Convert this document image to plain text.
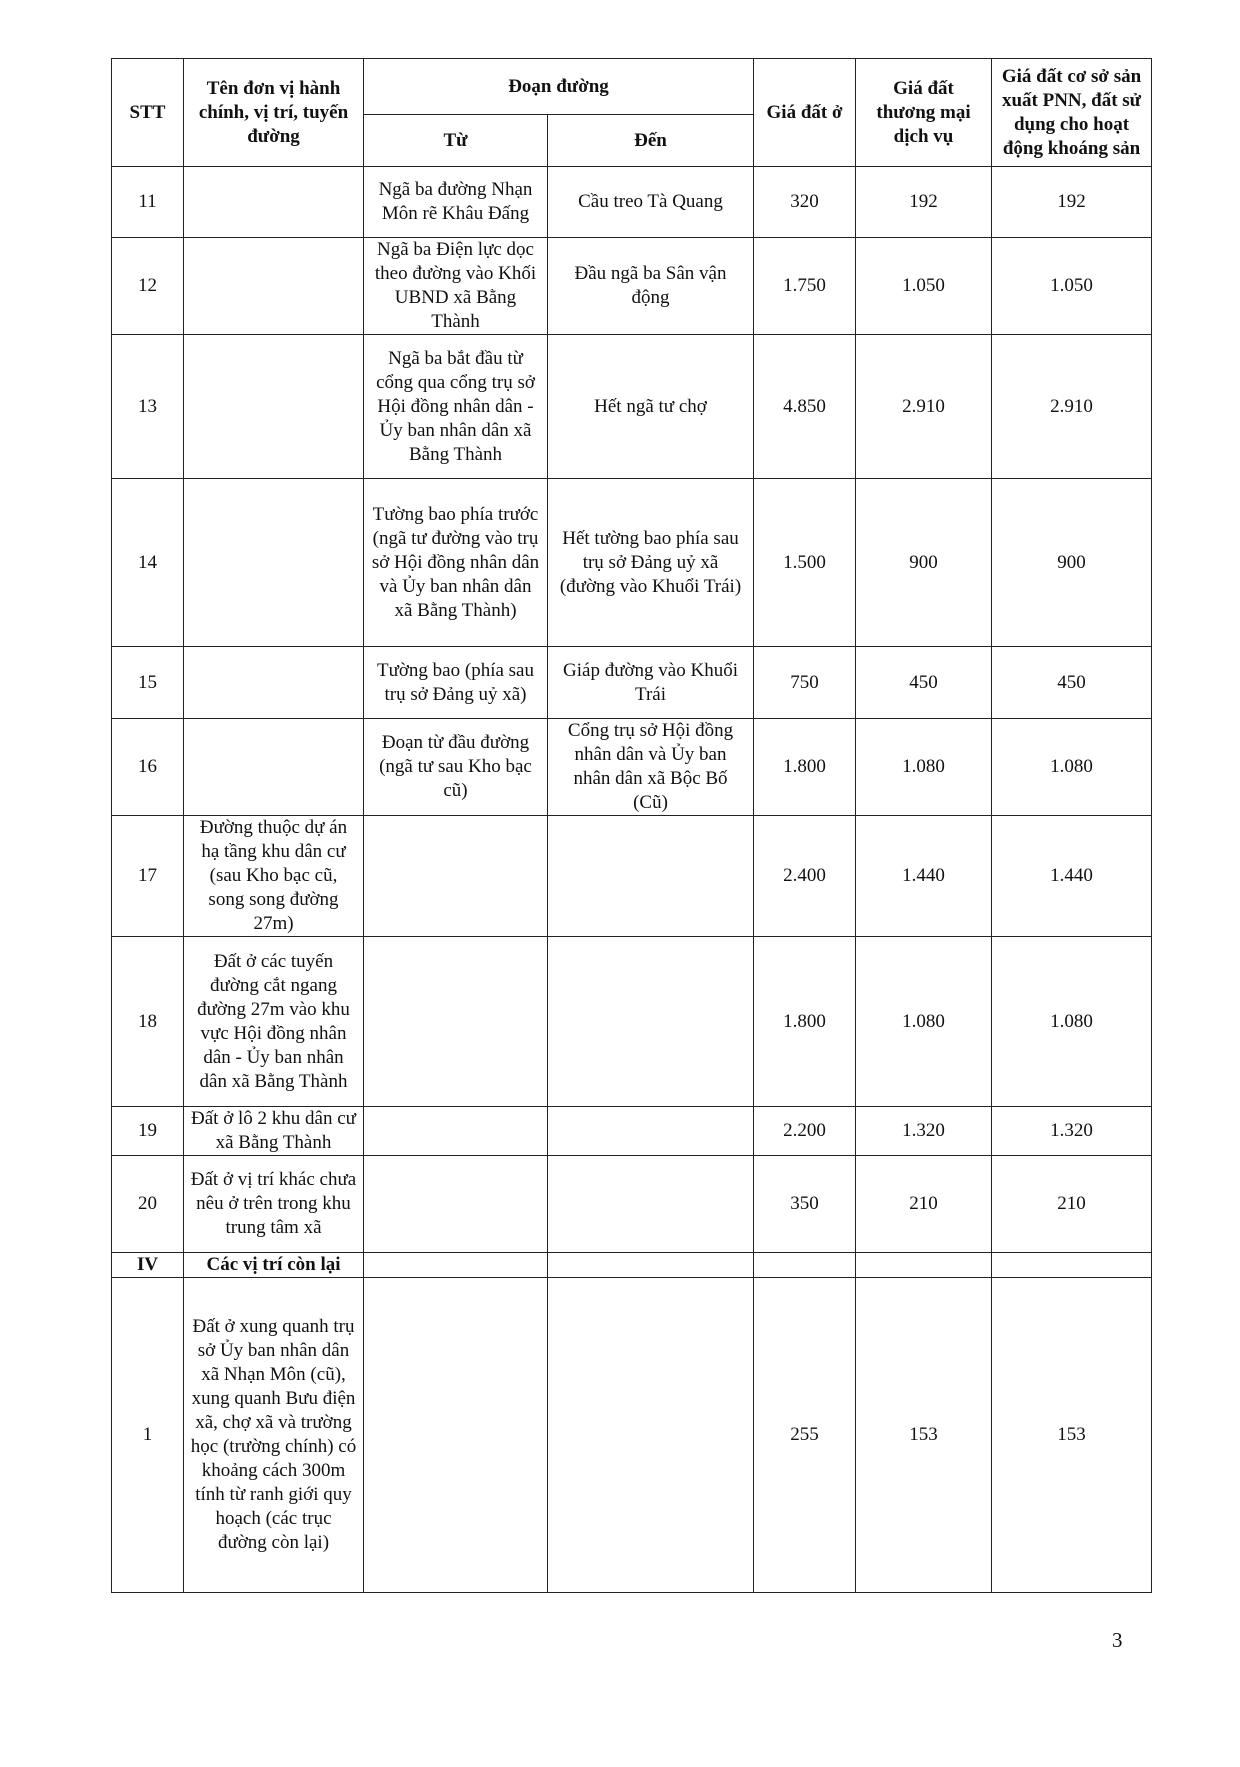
STT	Tên đơn vị hành chính, vị trí, tuyến đường	Đoạn đường		Giá đất ở	Giá đất thương mại dịch vụ	Giá đất cơ sở sản xuất PNN, đất sử dụng cho hoạt động khoáng sản
		Từ	Đến			
11		Ngã ba đường Nhạn Môn rẽ Khâu Đấng	Cầu treo Tà Quang	320	192	192
12		Ngã ba Điện lực dọc theo đường vào Khối UBND xã Bằng Thành	Đầu ngã ba Sân vận động	1.750	1.050	1.050
13		Ngã ba bắt đầu từ cổng qua cổng trụ sở Hội đồng nhân dân - Ủy ban nhân dân xã Bằng Thành	Hết ngã tư chợ	4.850	2.910	2.910
14		Tường bao phía trước (ngã tư đường vào trụ sở Hội đồng nhân dân và Ủy ban nhân dân xã Bằng Thành)	Hết tường bao phía sau trụ sở Đảng uỷ xã (đường vào Khuổi Trái)	1.500	900	900
15		Tường bao (phía sau trụ sở Đảng uỷ xã)	Giáp đường vào Khuổi Trái	750	450	450
16		Đoạn từ đầu đường (ngã tư sau Kho bạc cũ)	Cổng trụ sở Hội đồng nhân dân và Ủy ban nhân dân xã Bộc Bố (Cũ)	1.800	1.080	1.080
17	Đường thuộc dự án hạ tầng khu dân cư (sau Kho bạc cũ, song song đường 27m)			2.400	1.440	1.440
18	Đất ở các tuyến đường cắt ngang đường 27m vào khu vực Hội đồng nhân dân - Ủy ban nhân dân xã Bằng Thành			1.800	1.080	1.080
19	Đất ở lô 2 khu dân cư xã Bằng Thành			2.200	1.320	1.320
20	Đất ở vị trí khác chưa nêu ở trên trong khu trung tâm xã			350	210	210
IV	Các vị trí còn lại					
1	Đất ở xung quanh trụ sở Ủy ban nhân dân xã Nhạn Môn (cũ), xung quanh Bưu điện xã, chợ xã và trường học (trường chính) có khoảng cách 300m tính từ ranh giới quy hoạch (các trục đường còn lại)			255	153	153
3
